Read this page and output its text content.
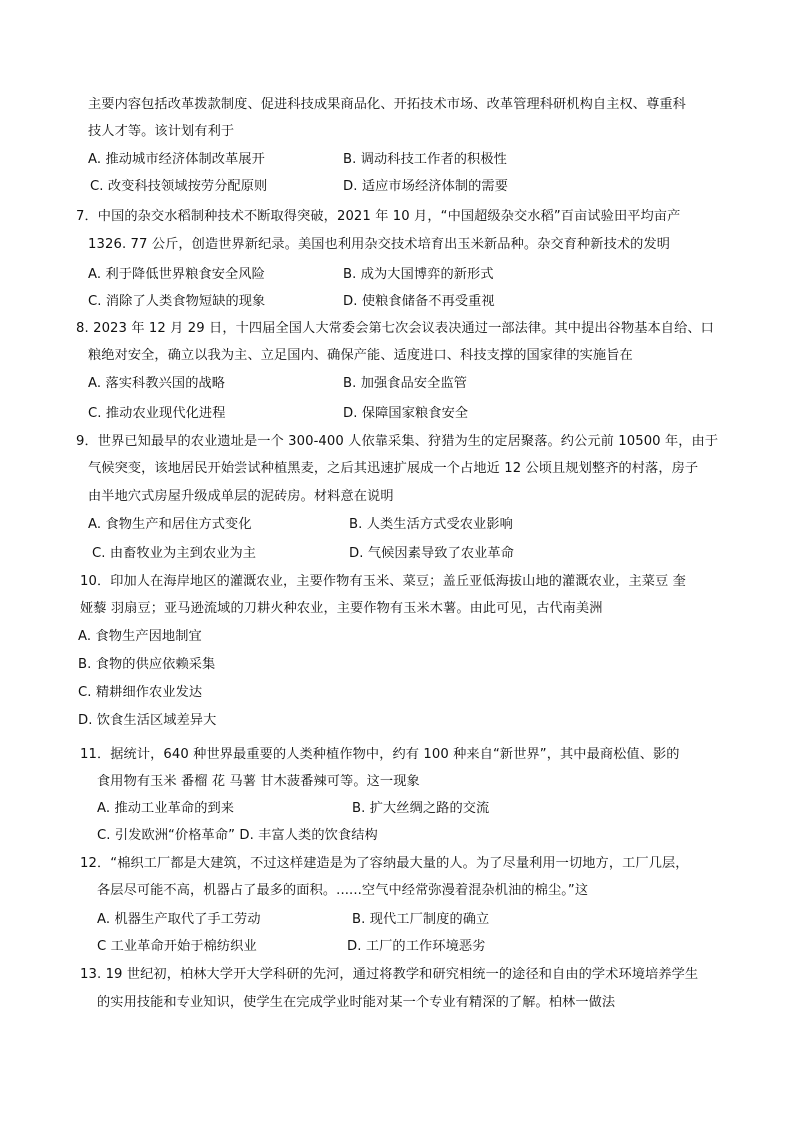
主要内容包括改革拨款制度、促进科技成果商品化、开拓技术市场、改革管理科研机构自主权、尊重科
技人才等。该计划有利于
A. 推动城市经济体制改革展开	B. 调动科技工作者的积极性
C. 改变科技领域按劳分配原则	D. 适应市场经济体制的需要
7．中国的杂交水稻制种技术不断取得突破，2021 年 10 月，“中国超级杂交水稻”百亩试验田平均亩产
1326. 77 公斤，创造世界新纪录。美国也利用杂交技术培育出玉米新品种。杂交育种新技术的发明
A. 利于降低世界粮食安全风险	B. 成为大国博弈的新形式
C. 消除了人类食物短缺的现象	D. 使粮食储备不再受重视
8. 2023 年 12 月 29 日，十四届全国人大常委会第七次会议表决通过一部法律。其中提出谷物基本自给、口
粮绝对安全，确立以我为主、立足国内、确保产能、适度进口、科技支撑的国家律的实施旨在
A. 落实科教兴国的战略	B. 加强食品安全监管
C. 推动农业现代化进程	D. 保障国家粮食安全
9．世界已知最早的农业遗址是一个 300-400 人依靠采集、狩猎为生的定居聚落。约公元前 10500 年，由于
气候突变，该地居民开始尝试种植黑麦，之后其迅速扩展成一个占地近 12 公顷且规划整齐的村落，房子
由半地穴式房屋升级成单层的泥砖房。材料意在说明
A. 食物生产和居住方式变化	B. 人类生活方式受农业影响
C. 由畜牧业为主到农业为主	D. 气候因素导致了农业革命
10．印加人在海岸地区的灌溉农业，主要作物有玉米、菜豆；盖丘亚低海拔山地的灌溉农业，主菜豆 奎
娅藜 羽扇豆；亚马逊流域的刀耕火种农业，主要作物有玉米木薯。由此可见，古代南美洲
A. 食物生产因地制宜
B. 食物的供应依赖采集
C. 精耕细作农业发达
D. 饮食生活区域差异大
11．据统计，640 种世界最重要的人类种植作物中，约有 100 种来自“新世界”，其中最商松值、影的
食用物有玉米 番榴 花 马薯 甘木菠番辣可等。这一现象
A. 推动工业革命的到来	B. 扩大丝绸之路的交流
C. 引发欧洲“价格革命” D. 丰富人类的饮食结构
12．“棉织工厂都是大建筑，不过这样建造是为了容纳最大量的人。为了尽量利用一切地方，工厂几层，
各层尽可能不高，机器占了最多的面积。......空气中经常弥漫着混杂机油的棉尘。”这
A. 机器生产取代了手工劳动	B. 现代工厂制度的确立
C 工业革命开始于棉纺织业	D. 工厂的工作环境恶劣
13. 19 世纪初，柏林大学开大学科研的先河，通过将教学和研究相统一的途径和自由的学术环境培养学生
的实用技能和专业知识，使学生在完成学业时能对某一个专业有精深的了解。柏林一做法
